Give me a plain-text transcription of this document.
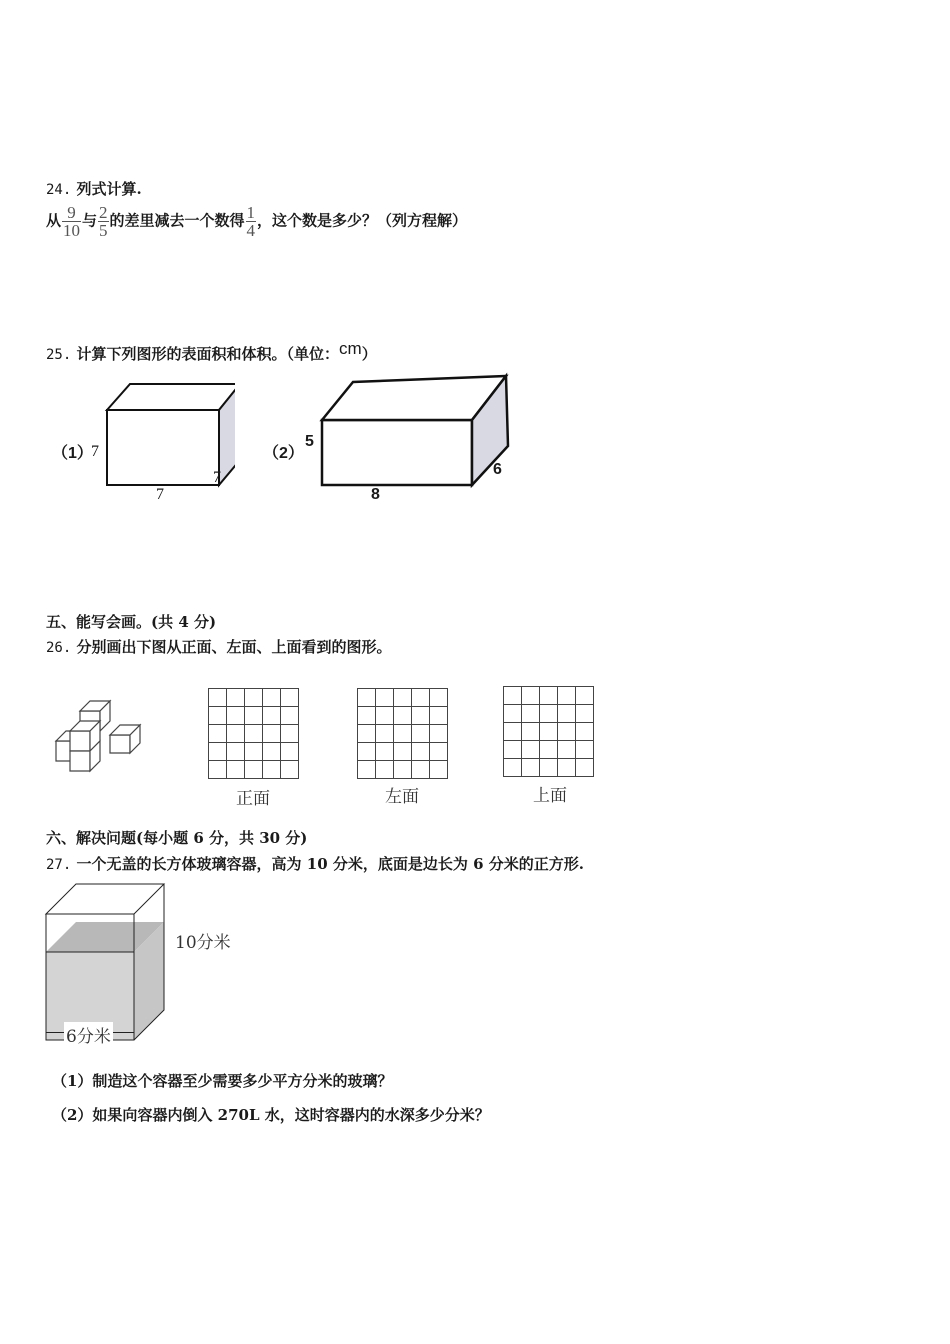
24. 列式计算.
从 $\frac{9}{10}$ 与 $\frac{2}{5}$ 的差里减去一个数得 $\frac{1}{4}$ ，这个数是多少？（列方程解）
25. 计算下列图形的表面积和体积。（单位：cm）
（1）
7
7
7
（2）
5
8
6
五、能写会画。(共 4 分)
26. 分别画出下图从正面、左面、上面看到的图形。
正面	左面	上面
六、解决问题(每小题 6 分，共 30 分)
27. 一个无盖的长方体玻璃容器，高为 10 分米，底面是边长为 6 分米的正方形.
10分米
6分米
（1）制造这个容器至少需要多少平方分米的玻璃？
（2）如果向容器内倒入 270L 水，这时容器内的水深多少分米？
